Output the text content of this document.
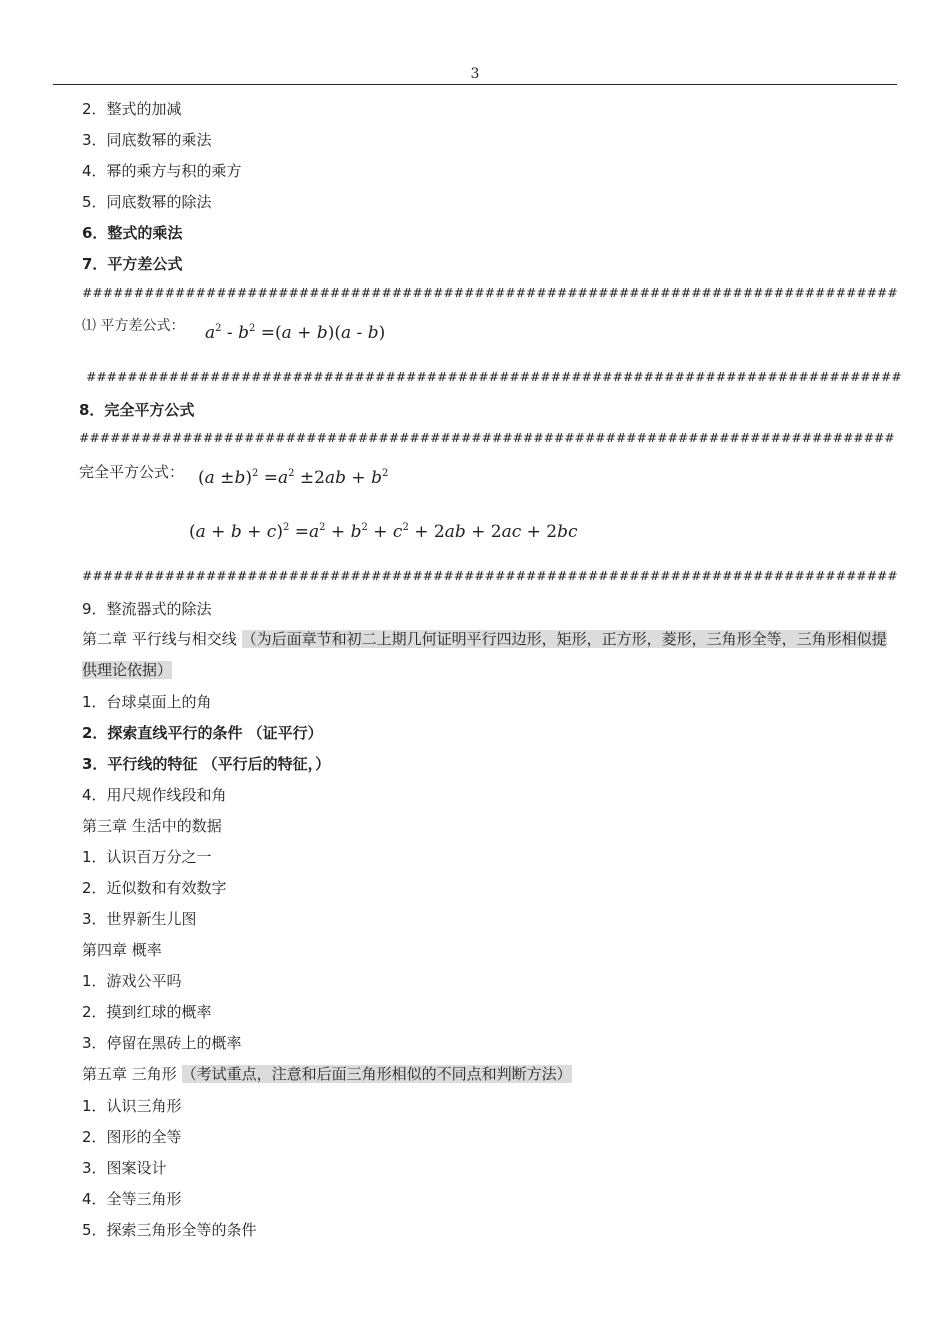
3
2．整式的加减
3．同底数幂的乘法
4．幂的乘方与积的乘方
5．同底数幂的除法
6．整式的乘法
7．平方差公式
###############################################################################
⑴ 平方差公式： $a^2 - b^2 =(a + b)(a - b)$
###############################################################################
8．完全平方公式
###############################################################################
完全平方公式： $(a \pm b)^2 =a^2 \pm 2ab + b^2$
$(a + b + c)^2 =a^2 + b^2 + c^2 + 2ab + 2ac + 2bc$
###############################################################################
9．整流器式的除法
第二章 平行线与相交线 （为后面章节和初二上期几何证明平行四边形，矩形，正方形，菱形，三角形全等，三角形相似提供理论依据）
1．台球桌面上的角
2．探索直线平行的条件 （证平行）
3．平行线的特征 （平行后的特征，）
4．用尺规作线段和角
第三章 生活中的数据
1．认识百万分之一
2．近似数和有效数字
3．世界新生儿图
第四章 概率
1．游戏公平吗
2．摸到红球的概率
3．停留在黑砖上的概率
第五章 三角形 （考试重点，注意和后面三角形相似的不同点和判断方法）
1．认识三角形
2．图形的全等
3．图案设计
4．全等三角形
5．探索三角形全等的条件
